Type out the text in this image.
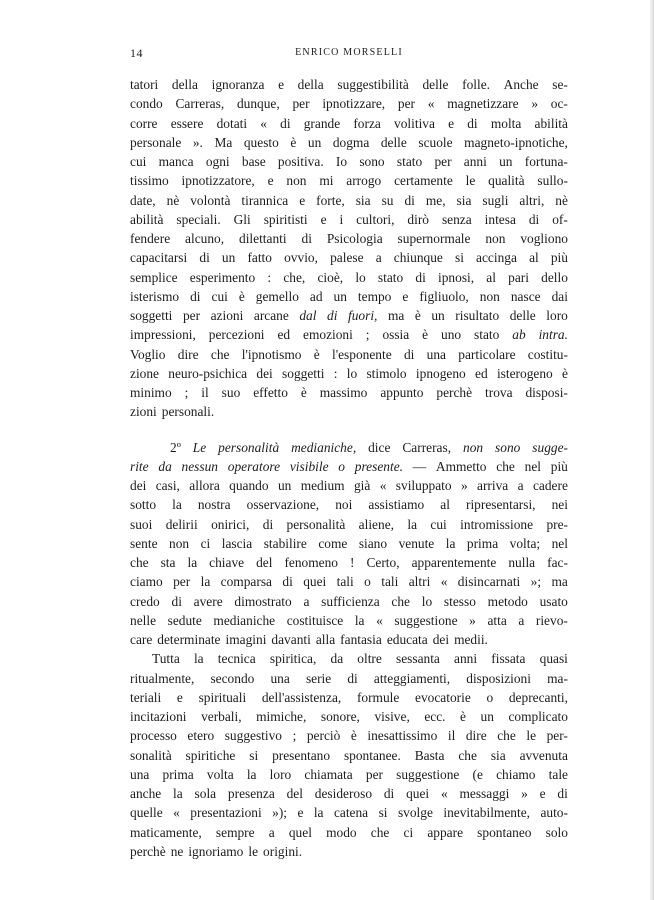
14	ENRICO MORSELLI
tatori della ignoranza e della suggestibilità delle folle. Anche se-
condo Carreras, dunque, per ipnotizzare, per « magnetizzare » oc-
corre essere dotati « di grande forza volitiva e di molta abilità
personale ». Ma questo è un dogma delle scuole magneto-ipnotiche,
cui manca ogni base positiva. Io sono stato per anni un fortuna-
tissimo ipnotizzatore, e non mi arrogo certamente le qualità sullo-
date, nè volontà tirannica e forte, sia su di me, sia sugli altri, nè
abilità speciali. Gli spiritisti e i cultori, dirò senza intesa di of-
fendere alcuno, dilettanti di Psicologia supernormale non vogliono
capacitarsi di un fatto ovvio, palese a chiunque si accinga al più
semplice esperimento : che, cioè, lo stato di ipnosi, al pari dello
isterismo di cui è gemello ad un tempo e figliuolo, non nasce dai
soggetti per azioni arcane dal di fuori, ma è un risultato delle loro
impressioni, percezioni ed emozioni ; ossia è uno stato ab intra.
Voglio dire che l'ipnotismo è l'esponente di una particolare costitu-
zione neuro-psichica dei soggetti : lo stimolo ipnogeno ed isterogeno è
minimo ; il suo effetto è massimo appunto perchè trova disposi-
zioni personali.
2º Le personalità medianiche, dice Carreras, non sono sugge-
rite da nessun operatore visibile o presente. — Ammetto che nel più
dei casi, allora quando un medium già « sviluppato » arriva a cadere
sotto la nostra osservazione, noi assistiamo al ripresentarsi, nei
suoi delirii onirici, di personalità aliene, la cui intromissione pre-
sente non ci lascia stabilire come siano venute la prima volta; nel
che sta la chiave del fenomeno ! Certo, apparentemente nulla fac-
ciamo per la comparsa di quei tali o tali altri « disincarnati »; ma
credo di avere dimostrato a sufficienza che lo stesso metodo usato
nelle sedute medianiche costituisce la « suggestione » atta a rievo-
care determinate imagini davanti alla fantasia educata dei medii.
Tutta la tecnica spiritica, da oltre sessanta anni fissata quasi
ritualmente, secondo una serie di atteggiamenti, disposizioni ma-
teriali e spirituali dell'assistenza, formule evocatorie o deprecanti,
incitazioni verbali, mimiche, sonore, visive, ecc. è un complicato
processo etero suggestivo ; perciò è inesattissimo il dire che le per-
sonalità spiritiche si presentano spontanee. Basta che sia avvenuta
una prima volta la loro chiamata per suggestione (e chiamo tale
anche la sola presenza del desideroso di quei « messaggi » e di
quelle « presentazioni »); e la catena si svolge inevitabilmente, auto-
maticamente, sempre a quel modo che ci appare spontaneo solo
perchè ne ignoriamo le origini.
